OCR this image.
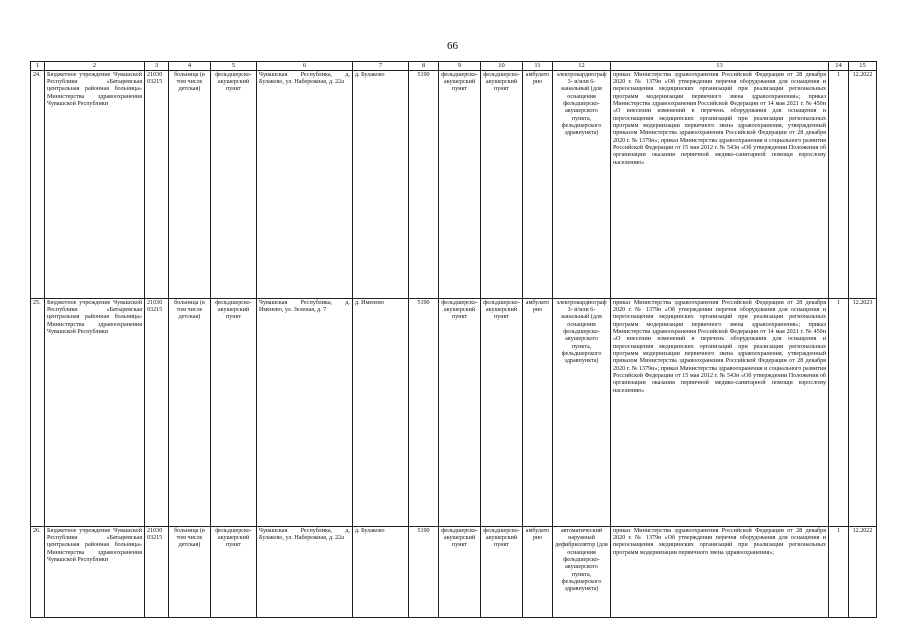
66
1	2	3	4	5	6	7	8	9	10	11	12	13	14	15
24.	Бюджетное учреждение Чувашской Республики «Батыревская центральная районная больница» Министерства здравоохранения Чувашской Республики	21030 03215	больница (в том числе детская)	фельдшерско-акушерский пункт	Чувашская Республика, д. Булаково, ул. Набережная, д. 22а	д. Булаково	5190	фельдшерско-акушерский пункт	фельдшерско-акушерский пункт	амбулаторно	электрокардиограф 3- и/или 6-канальный (для оснащения фельдшерско-акушерского пункта, фельдшерского здравпункта)	приказ Министерства здравоохранения Российской Федерации от 28 декабря 2020 г. № 1379н «Об утверждении перечня оборудования для оснащения и переоснащения медицинских организаций при реализации региональных программ модернизации первичного звена здравоохранения»; приказ Министерства здравоохранения Российской Федерации от 14 мая 2021 г. № 450н «О внесении изменений в перечень оборудования для оснащения и переоснащения медицинских организаций при реализации региональных программ модернизации первичного звена здравоохранения, утвержденный приказом Министерства здравоохранения Российской Федерации от 28 декабря 2020 г. № 1379н»; приказ Министерства здравоохранения и социального развития Российской Федерации от 15 мая 2012 г. № 543н «Об утверждении Положения об организации оказания первичной медико-санитарной помощи взрослому населению»	1	12.2022
25.	Бюджетное учреждение Чувашской Республики «Батыревская центральная районная больница» Министерства здравоохранения Чувашской Республики	21030 03215	больница (в том числе детская)	фельдшерско-акушерский пункт	Чувашская Республика, д. Именево, ул. Зеленая, д. 7	д. Именево	5190	фельдшерско-акушерский пункт	фельдшерско-акушерский пункт	амбулаторно	электрокардиограф 3- и/или 6-канальный (для оснащения фельдшерско-акушерского пункта, фельдшерского здравпункта)	приказ Министерства здравоохранения Российской Федерации от 28 декабря 2020 г. № 1379н «Об утверждении перечня оборудования для оснащения и переоснащения медицинских организаций при реализации региональных программ модернизации первичного звена здравоохранения»; приказ Министерства здравоохранения Российской Федерации от 14 мая 2021 г. № 450н «О внесении изменений в перечень оборудования для оснащения и переоснащения медицинских организаций при реализации региональных программ модернизации первичного звена здравоохранения, утвержденный приказом Министерства здравоохранения Российской Федерации от 28 декабря 2020 г. № 1379н»; приказ Министерства здравоохранения и социального развития Российской Федерации от 15 мая 2012 г. № 543н «Об утверждении Положения об организации оказания первичной медико-санитарной помощи взрослому населению»	1	12.2023
26.	Бюджетное учреждение Чувашской Республики «Батыревская центральная районная больница» Министерства здравоохранения Чувашской Республики	21030 03215	больница (в том числе детская)	фельдшерско-акушерский пункт	Чувашская Республика, д. Булаково, ул. Набережная, д. 22а	д. Булаково	5190	фельдшерско-акушерский пункт	фельдшерско-акушерский пункт	амбулаторно	автоматический наружный дефибриллятор (для оснащения фельдшерско-акушерского пункта, фельдшерского здравпункта)	приказ Министерства здравоохранения Российской Федерации от 28 декабря 2020 г. № 1379н «Об утверждении перечня оборудования для оснащения и переоснащения медицинских организаций при реализации региональных программ модернизации первичного звена здравоохранения»;	1	12.2022
